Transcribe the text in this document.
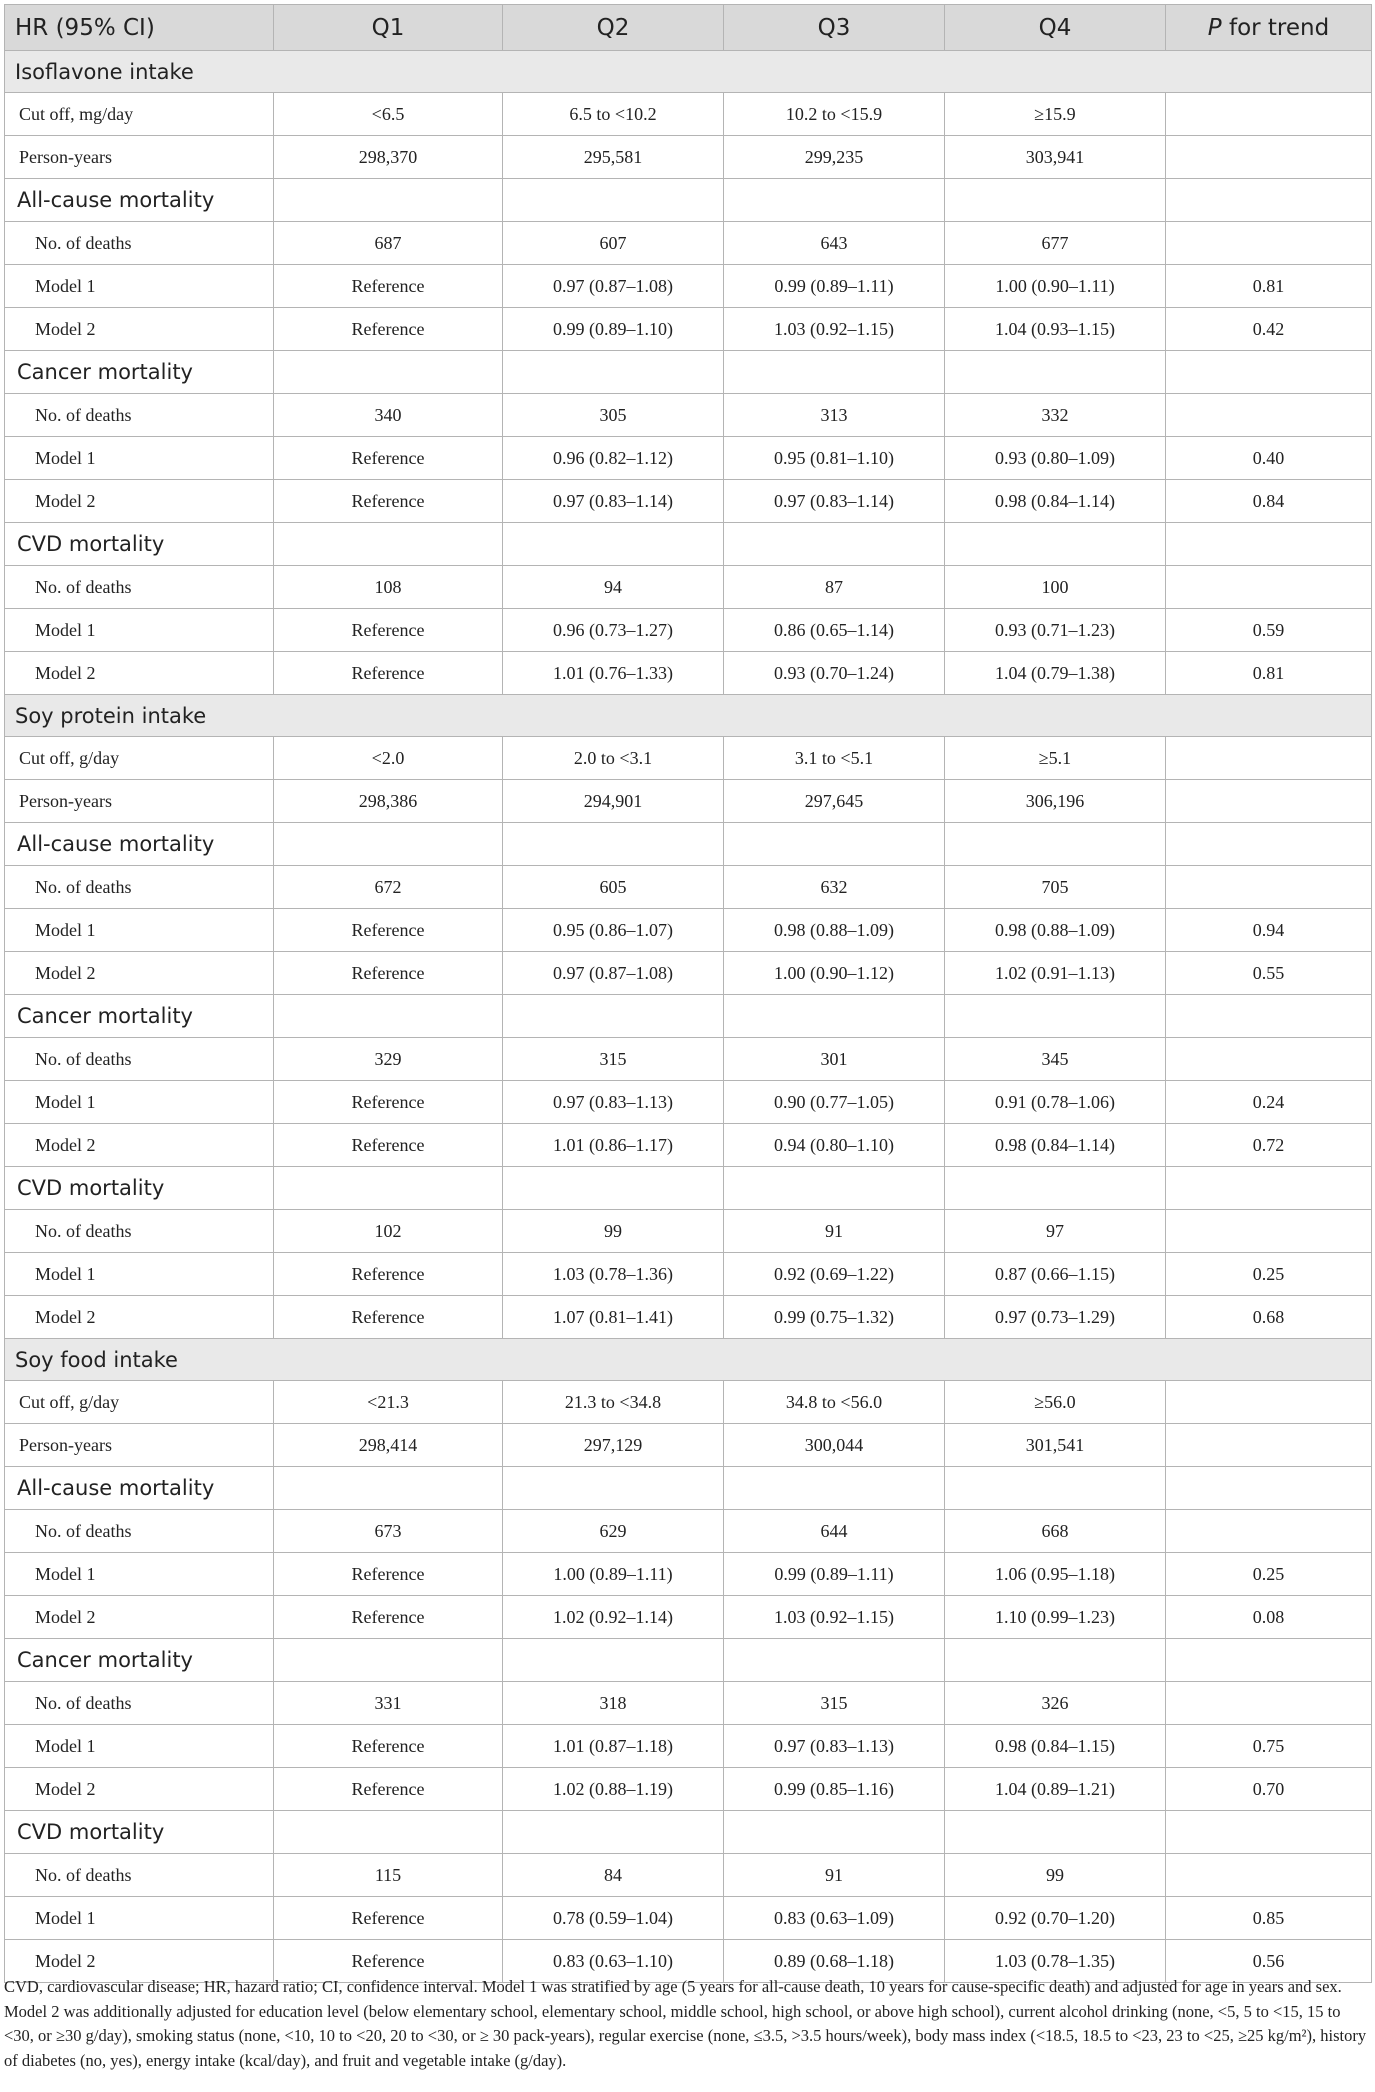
HR (95% CI)	Q1	Q2	Q3	Q4	P for trend
Isoflavone intake					
Cut off, mg/day	<6.5	6.5 to <10.2	10.2 to <15.9	≥15.9	
Person-years	298,370	295,581	299,235	303,941	
All-cause mortality					
No. of deaths	687	607	643	677	
Model 1	Reference	0.97 (0.87–1.08)	0.99 (0.89–1.11)	1.00 (0.90–1.11)	0.81
Model 2	Reference	0.99 (0.89–1.10)	1.03 (0.92–1.15)	1.04 (0.93–1.15)	0.42
Cancer mortality					
No. of deaths	340	305	313	332	
Model 1	Reference	0.96 (0.82–1.12)	0.95 (0.81–1.10)	0.93 (0.80–1.09)	0.40
Model 2	Reference	0.97 (0.83–1.14)	0.97 (0.83–1.14)	0.98 (0.84–1.14)	0.84
CVD mortality					
No. of deaths	108	94	87	100	
Model 1	Reference	0.96 (0.73–1.27)	0.86 (0.65–1.14)	0.93 (0.71–1.23)	0.59
Model 2	Reference	1.01 (0.76–1.33)	0.93 (0.70–1.24)	1.04 (0.79–1.38)	0.81
Soy protein intake					
Cut off, g/day	<2.0	2.0 to <3.1	3.1 to <5.1	≥5.1	
Person-years	298,386	294,901	297,645	306,196	
All-cause mortality					
No. of deaths	672	605	632	705	
Model 1	Reference	0.95 (0.86–1.07)	0.98 (0.88–1.09)	0.98 (0.88–1.09)	0.94
Model 2	Reference	0.97 (0.87–1.08)	1.00 (0.90–1.12)	1.02 (0.91–1.13)	0.55
Cancer mortality					
No. of deaths	329	315	301	345	
Model 1	Reference	0.97 (0.83–1.13)	0.90 (0.77–1.05)	0.91 (0.78–1.06)	0.24
Model 2	Reference	1.01 (0.86–1.17)	0.94 (0.80–1.10)	0.98 (0.84–1.14)	0.72
CVD mortality					
No. of deaths	102	99	91	97	
Model 1	Reference	1.03 (0.78–1.36)	0.92 (0.69–1.22)	0.87 (0.66–1.15)	0.25
Model 2	Reference	1.07 (0.81–1.41)	0.99 (0.75–1.32)	0.97 (0.73–1.29)	0.68
Soy food intake					
Cut off, g/day	<21.3	21.3 to <34.8	34.8 to <56.0	≥56.0	
Person-years	298,414	297,129	300,044	301,541	
All-cause mortality					
No. of deaths	673	629	644	668	
Model 1	Reference	1.00 (0.89–1.11)	0.99 (0.89–1.11)	1.06 (0.95–1.18)	0.25
Model 2	Reference	1.02 (0.92–1.14)	1.03 (0.92–1.15)	1.10 (0.99–1.23)	0.08
Cancer mortality					
No. of deaths	331	318	315	326	
Model 1	Reference	1.01 (0.87–1.18)	0.97 (0.83–1.13)	0.98 (0.84–1.15)	0.75
Model 2	Reference	1.02 (0.88–1.19)	0.99 (0.85–1.16)	1.04 (0.89–1.21)	0.70
CVD mortality					
No. of deaths	115	84	91	99	
Model 1	Reference	0.78 (0.59–1.04)	0.83 (0.63–1.09)	0.92 (0.70–1.20)	0.85
Model 2	Reference	0.83 (0.63–1.10)	0.89 (0.68–1.18)	1.03 (0.78–1.35)	0.56
CVD, cardiovascular disease; HR, hazard ratio; CI, confidence interval. Model 1 was stratified by age (5 years for all-cause death, 10 years for cause-specific death) and adjusted for age in years and sex. Model 2 was additionally adjusted for education level (below elementary school, elementary school, middle school, high school, or above high school), current alcohol drinking (none, <5, 5 to <15, 15 to <30, or ≥30 g/day), smoking status (none, <10, 10 to <20, 20 to <30, or ≥ 30 pack-years), regular exercise (none, ≤3.5, >3.5 hours/week), body mass index (<18.5, 18.5 to <23, 23 to <25, ≥25 kg/m²), history of diabetes (no, yes), energy intake (kcal/day), and fruit and vegetable intake (g/day).
